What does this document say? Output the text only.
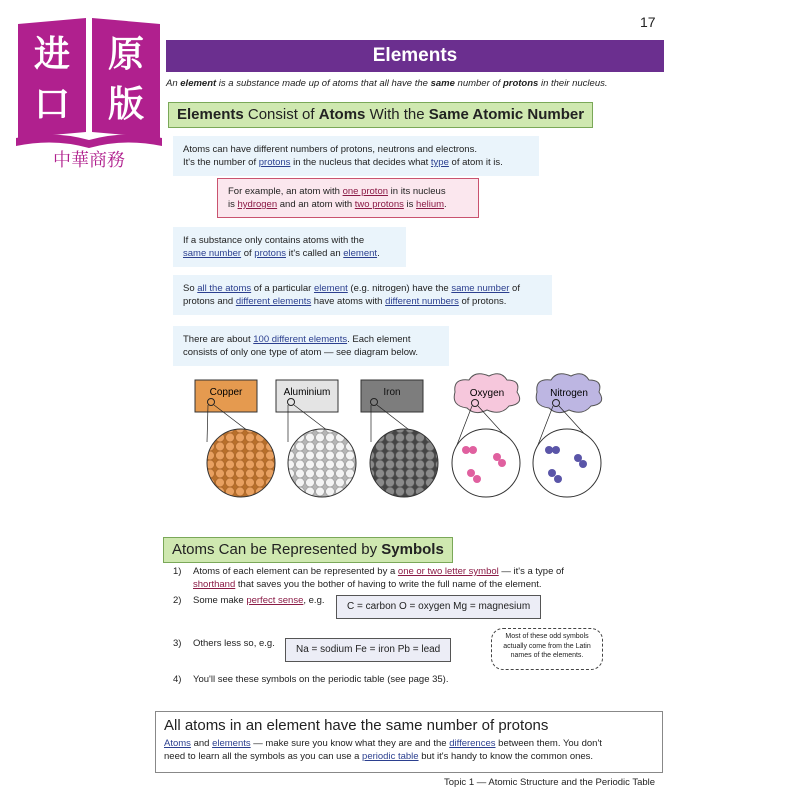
17
进 原
口 版
中華商務
Elements
An element is a substance made up of atoms that all have the same number of protons in their nucleus.
Elements Consist of Atoms With the Same Atomic Number
Atoms can have different numbers of protons, neutrons and electrons.
It's the number of protons in the nucleus that decides what type of atom it is.
For example, an atom with one proton in its nucleus
is hydrogen and an atom with two protons is helium.
If a substance only contains atoms with the
same number of protons it's called an element.
So all the atoms of a particular element (e.g. nitrogen) have the same number of
protons and different elements have atoms with different numbers of protons.
There are about 100 different elements. Each element
consists of only one type of atom — see diagram below.
Copper	Aluminium	Iron	Oxygen	Nitrogen
Atoms Can be Represented by Symbols
1) Atoms of each element can be represented by a one or two letter symbol — it's a type of
shorthand that saves you the bother of having to write the full name of the element.
2) Some make perfect sense, e.g.
C = carbon O = oxygen Mg = magnesium
3) Others less so, e.g.
Na = sodium Fe = iron Pb = lead
Most of these odd symbols
actually come from the Latin
names of the elements.
4) You'll see these symbols on the periodic table (see page 35).
All atoms in an element have the same number of protons
Atoms and elements — make sure you know what they are and the differences between them. You don't
need to learn all the symbols as you can use a periodic table but it's handy to know the common ones.
Topic 1 — Atomic Structure and the Periodic Table
